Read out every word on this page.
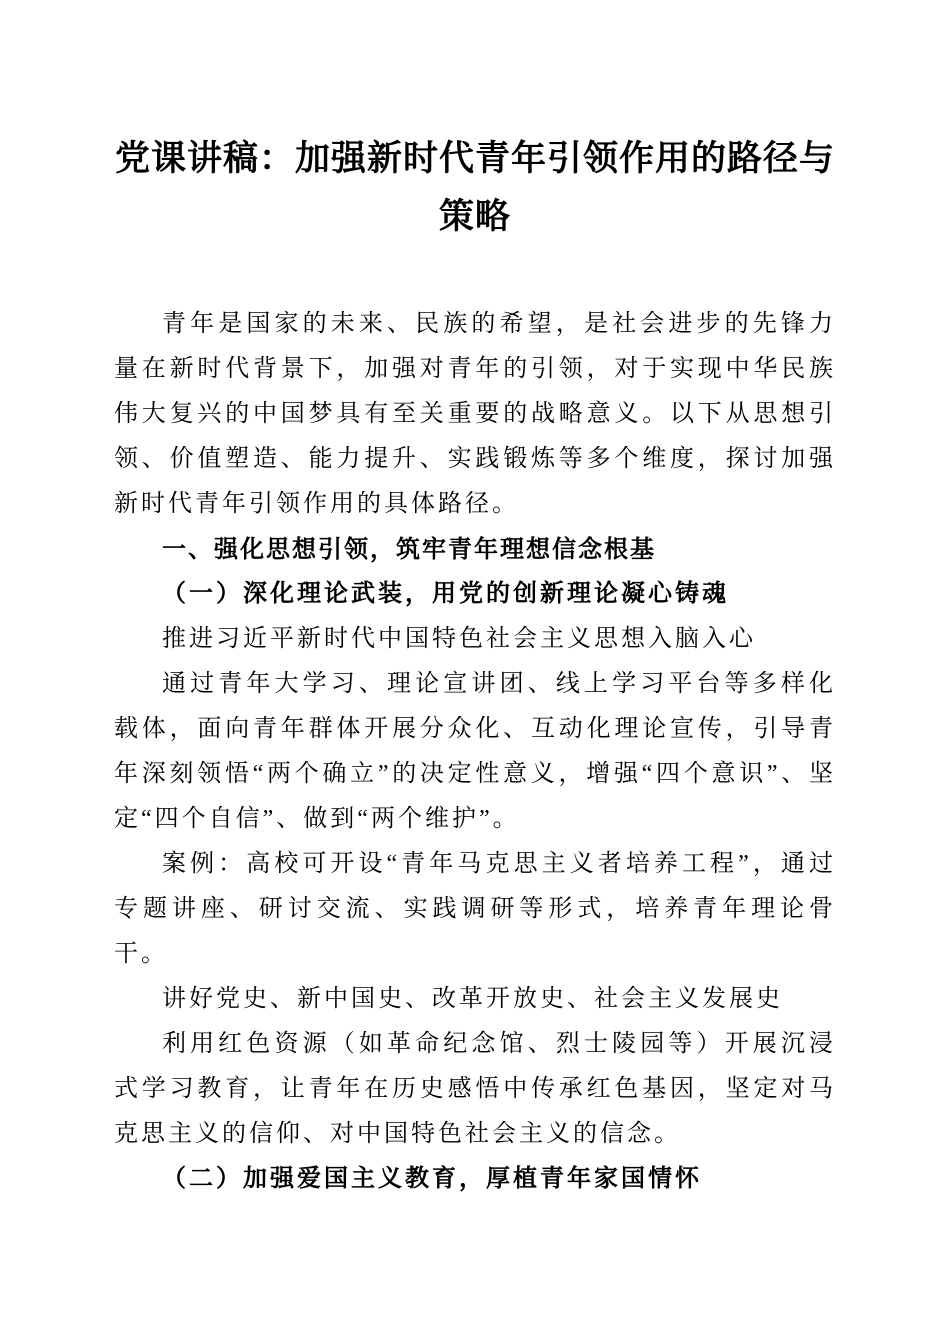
党课讲稿：加强新时代青年引领作用的路径与策略

青年是国家的未来、民族的希望，是社会进步的先锋力量在新时代背景下，加强对青年的引领，对于实现中华民族伟大复兴的中国梦具有至关重要的战略意义。以下从思想引领、价值塑造、能力提升、实践锻炼等多个维度，探讨加强新时代青年引领作用的具体路径。

一、强化思想引领，筑牢青年理想信念根基

（一）深化理论武装，用党的创新理论凝心铸魂

推进习近平新时代中国特色社会主义思想入脑入心

通过青年大学习、理论宣讲团、线上学习平台等多样化载体，面向青年群体开展分众化、互动化理论宣传，引导青年深刻领悟“两个确立”的决定性意义，增强“四个意识”、坚定“四个自信”、做到“两个维护”。

案例：高校可开设“青年马克思主义者培养工程”，通过专题讲座、研讨交流、实践调研等形式，培养青年理论骨干。

讲好党史、新中国史、改革开放史、社会主义发展史

利用红色资源（如革命纪念馆、烈士陵园等）开展沉浸式学习教育，让青年在历史感悟中传承红色基因，坚定对马克思主义的信仰、对中国特色社会主义的信念。

（二）加强爱国主义教育，厚植青年家国情怀
